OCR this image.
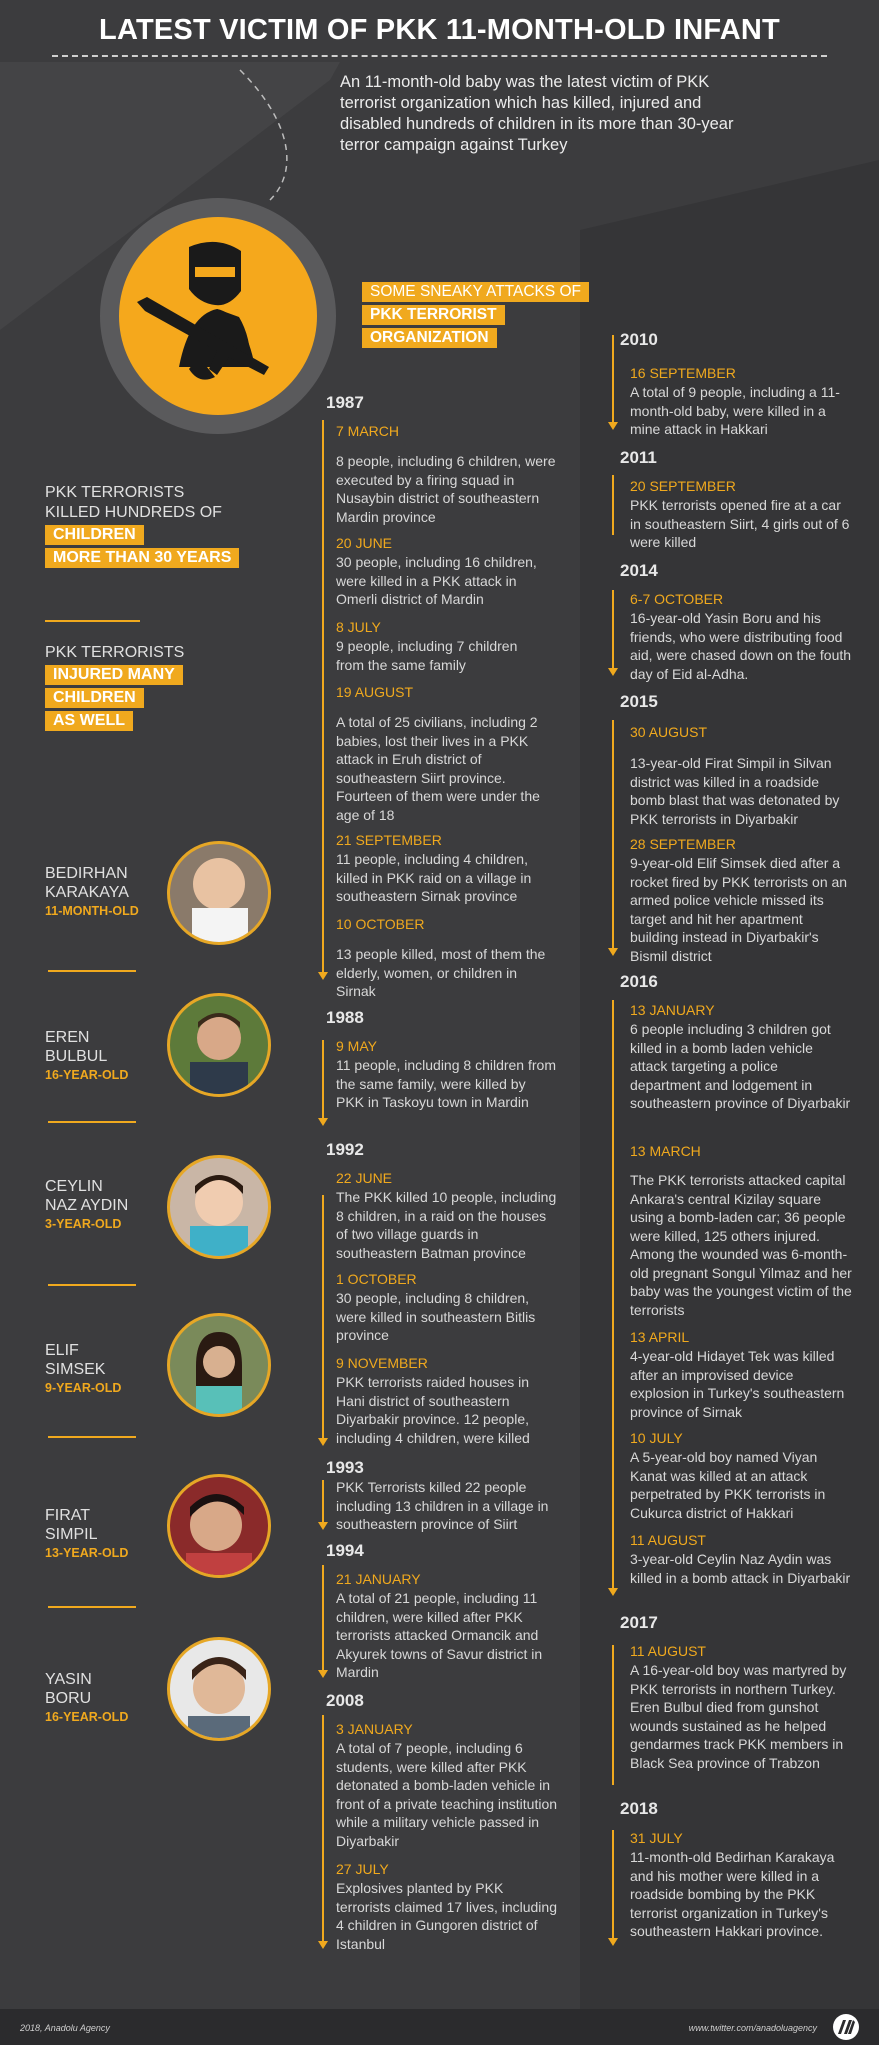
LATEST VICTIM OF PKK 11-MONTH-OLD INFANT
An 11-month-old baby was the latest victim of PKK terrorist organization which has killed, injured and disabled hundreds of children in its more than 30-year terror campaign against Turkey
SOME SNEAKY ATTACKS OF
PKK TERRORIST
ORGANIZATION
PKK TERRORISTS
KILLED HUNDREDS OF
CHILDREN
MORE THAN 30 YEARS
PKK TERRORISTS
INJURED MANY
CHILDREN
AS WELL
BEDIRHAN
KARAKAYA
11-MONTH-OLD
EREN
BULBUL
16-YEAR-OLD
CEYLIN
NAZ AYDIN
3-YEAR-OLD
ELIF
SIMSEK
9-YEAR-OLD
FIRAT
SIMPIL
13-YEAR-OLD
YASIN
BORU
16-YEAR-OLD
1987
7 MARCH
8 people, including 6 children, were executed by a firing squad in Nusaybin district of southeastern Mardin province
20 JUNE
30 people, including 16 children, were killed in a PKK attack in Omerli district of Mardin
8 JULY
9 people, including 7 children from the same family
19 AUGUST
A total of 25 civilians, including 2 babies, lost their lives in a PKK attack in Eruh district of southeastern Siirt province. Fourteen of them were under the age of 18
21 SEPTEMBER
11 people, including 4 children, killed in PKK raid on a village in southeastern Sirnak province
10 OCTOBER
13 people killed, most of them the elderly, women, or children in Sirnak
1988
9 MAY
11 people, including 8 children from the same family, were killed by PKK in Taskoyu town in Mardin
1992
22 JUNE
The PKK killed 10 people, including 8 children, in a raid on the houses of two village guards in southeastern Batman province
1 OCTOBER
30 people, including 8 children, were killed in southeastern Bitlis province
9 NOVEMBER
PKK terrorists raided houses in Hani district of southeastern Diyarbakir province. 12 people, including 4 children, were killed
1993
PKK Terrorists killed 22 people including 13 children in a village in southeastern province of Siirt
1994
21 JANUARY
A total of 21 people, including 11 children, were killed after PKK terrorists attacked Ormancik and Akyurek towns of Savur district in Mardin
2008
3 JANUARY
A total of 7 people, including 6 students, were killed after PKK detonated a bomb-laden vehicle in front of a private teaching institution while a military vehicle passed in Diyarbakir
27 JULY
Explosives planted by PKK terrorists claimed 17 lives, including 4 children in Gungoren district of Istanbul
2010
16 SEPTEMBER
A total of 9 people, including a 11-month-old baby, were killed in a mine attack in Hakkari
2011
20 SEPTEMBER
PKK terrorists opened fire at a car in southeastern Siirt, 4 girls out of 6 were killed
2014
6-7 OCTOBER
16-year-old Yasin Boru and his friends, who were distributing food aid, were chased down on the fouth day of Eid al-Adha.
2015
30 AUGUST
13-year-old Firat Simpil in Silvan district was killed in a roadside bomb blast that was detonated by PKK terrorists in Diyarbakir
28 SEPTEMBER
9-year-old Elif Simsek died after a rocket fired by PKK terrorists on an armed police vehicle missed its target and hit her apartment building instead in Diyarbakir's Bismil district
2016
13 JANUARY
6 people including 3 children got killed in a bomb laden vehicle attack targeting a police department and lodgement in southeastern province of Diyarbakir
13 MARCH
The PKK terrorists attacked capital Ankara's central Kizilay square using a bomb-laden car; 36 people were killed, 125 others injured. Among the wounded was 6-month-old pregnant Songul Yilmaz and her baby was the youngest victim of the terrorists
13 APRIL
4-year-old Hidayet Tek was killed after an improvised device explosion in Turkey's southeastern province of Sirnak
10 JULY
A 5-year-old boy named Viyan Kanat was killed at an attack perpetrated by PKK terrorists in Cukurca district of Hakkari
11 AUGUST
3-year-old Ceylin Naz Aydin was killed in a bomb attack in Diyarbakir
2017
11 AUGUST
A 16-year-old boy was martyred by PKK terrorists in northern Turkey. Eren Bulbul died from gunshot wounds sustained as he helped gendarmes track PKK members in Black Sea province of Trabzon
2018
31 JULY
11-month-old Bedirhan Karakaya and his mother were killed in a roadside bombing by the PKK terrorist organization in Turkey's southeastern Hakkari province.
2018, Anadolu Agency	www.twitter.com/anadoluagency
